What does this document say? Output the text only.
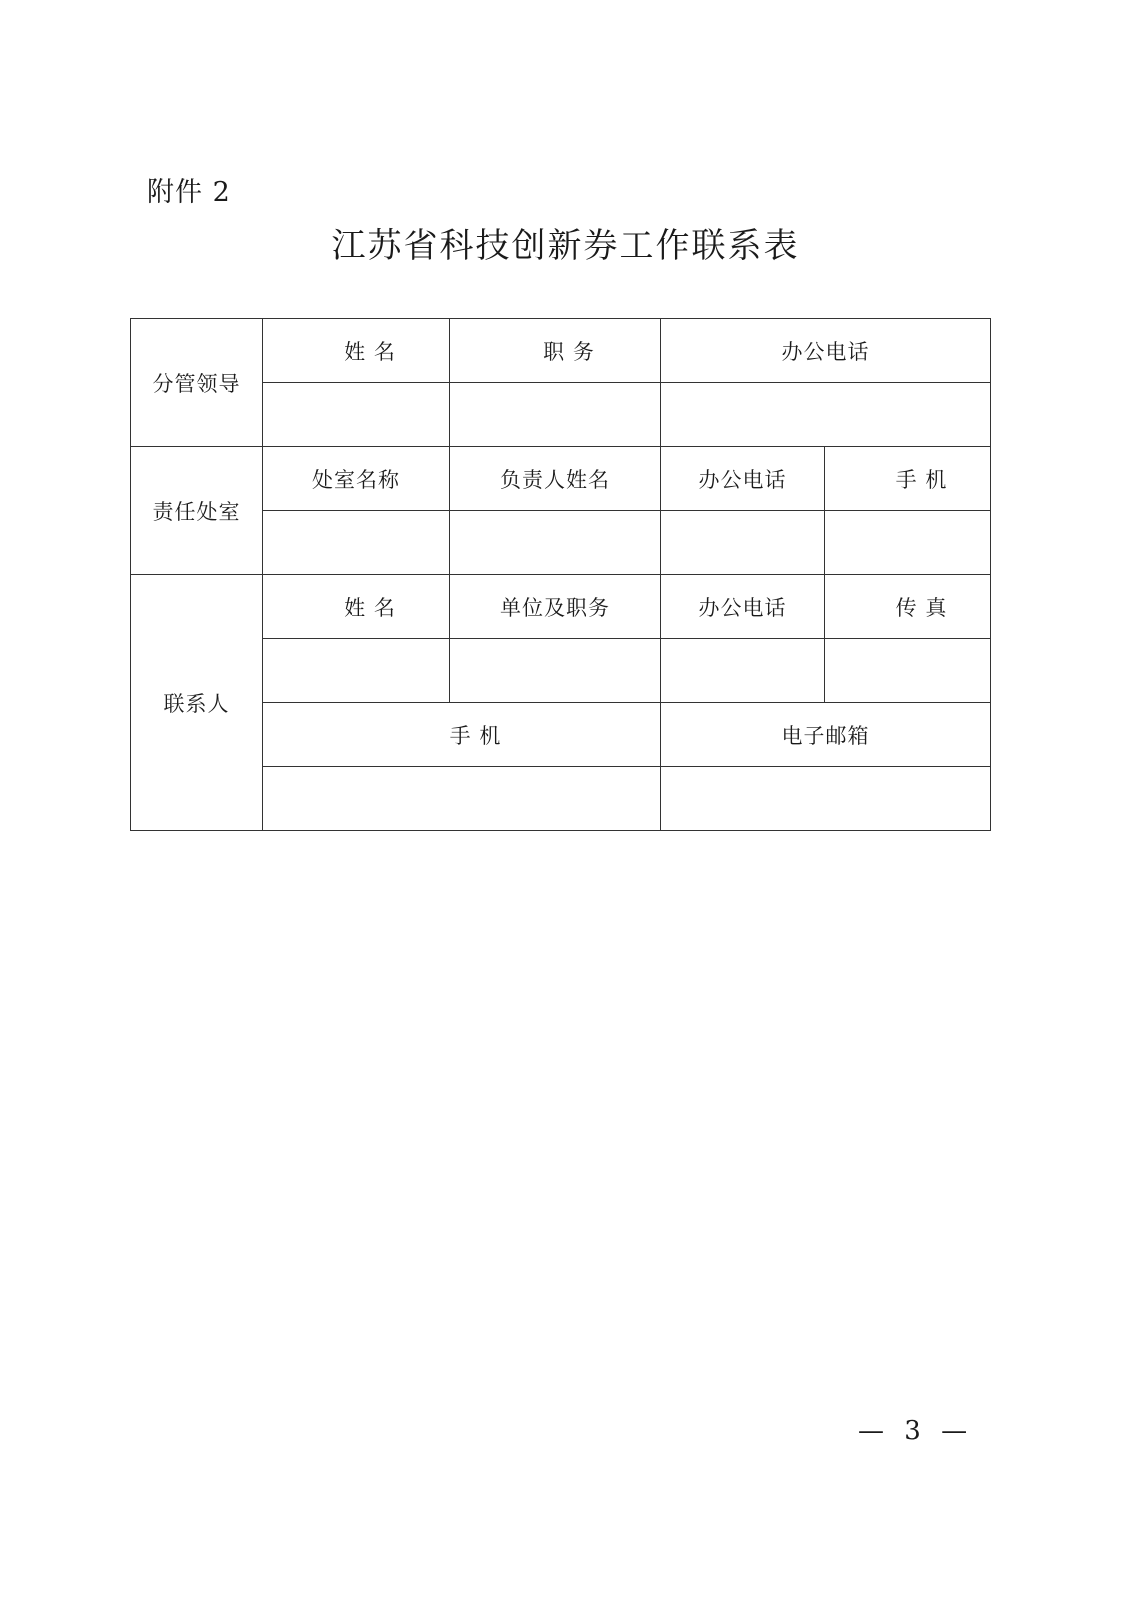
附件 2
江苏省科技创新券工作联系表
分管领导	姓 名	职 务	办公电话	

责任处室	处室名称	负责人姓名	办公电话	手 机

联系人	姓 名	单位及职务	办公电话	传 真

	手 机		电子邮箱	

— 3 —
